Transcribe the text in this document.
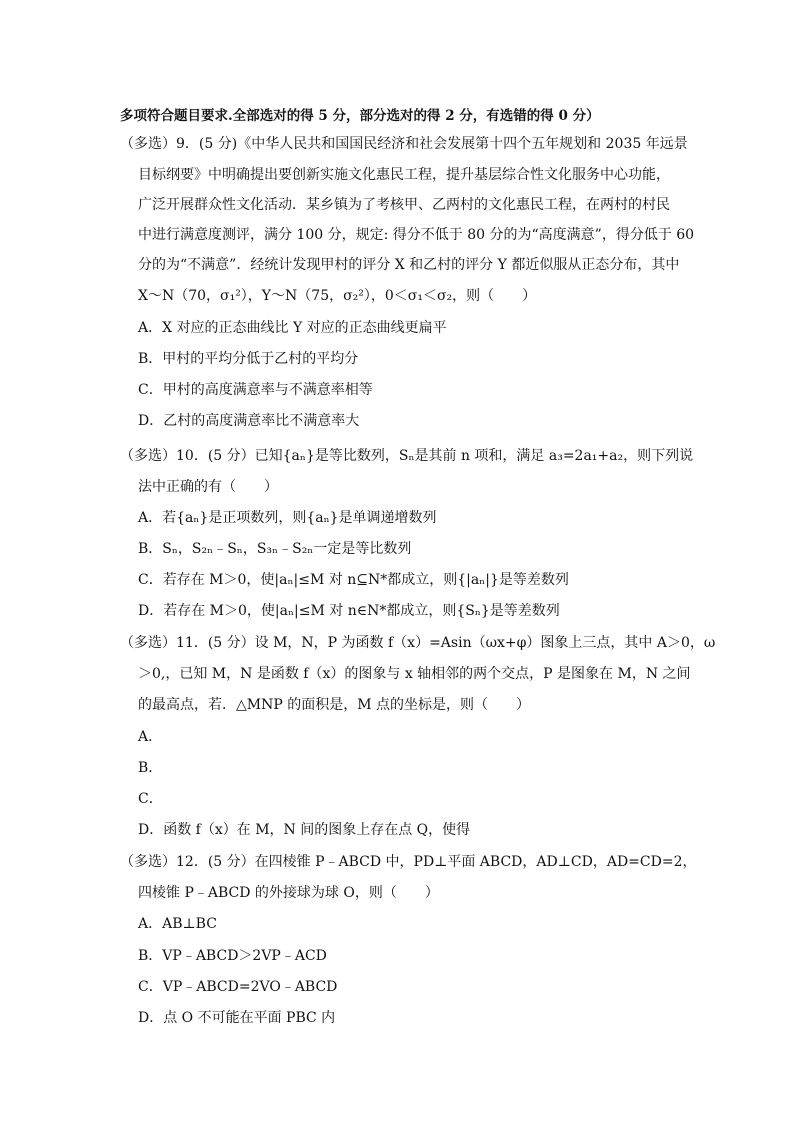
多项符合题目要求.全部选对的得 5 分，部分选对的得 2 分，有选错的得 0 分）
（多选）9．(5 分)《中华人民共和国国民经济和社会发展第十四个五年规划和 2035 年远景
目标纲要》中明确提出要创新实施文化惠民工程，提升基层综合性文化服务中心功能，
广泛开展群众性文化活动．某乡镇为了考核甲、乙两村的文化惠民工程，在两村的村民
中进行满意度测评，满分 100 分，规定: 得分不低于 80 分的为“高度满意”，得分低于 60
分的为“不满意”．经统计发现甲村的评分 X 和乙村的评分 Y 都近似服从正态分布，其中
X～N（70，σ₁²），Y～N（75，σ₂²），0＜σ₁＜σ₂，则（　　）
A．X 对应的正态曲线比 Y 对应的正态曲线更扁平
B．甲村的平均分低于乙村的平均分
C．甲村的高度满意率与不满意率相等
D．乙村的高度满意率比不满意率大
（多选）10．(5 分）已知{aₙ}是等比数列，Sₙ是其前 n 项和，满足 a₃=2a₁+a₂，则下列说
法中正确的有（　　）
A．若{aₙ}是正项数列，则{aₙ}是单调递增数列
B．Sₙ，S₂ₙ﹣Sₙ，S₃ₙ﹣S₂ₙ一定是等比数列
C．若存在 M＞0，使|aₙ|≤M 对 n⊆N*都成立，则{|aₙ|}是等差数列
D．若存在 M＞0，使|aₙ|≤M 对 n∈N*都成立，则{Sₙ}是等差数列
（多选）11．(5 分）设 M，N，P 为函数 f（x）=Asin（ωx+φ）图象上三点，其中 A＞0，ω
＞0,，已知 M，N 是函数 f（x）的图象与 x 轴相邻的两个交点，P 是图象在 M，N 之间
的最高点，若．△MNP 的面积是，M 点的坐标是，则（　　）
A．
B．
C．
D．函数 f（x）在 M，N 间的图象上存在点 Q，使得
（多选）12．(5 分）在四棱锥 P﹣ABCD 中，PD⊥平面 ABCD，AD⊥CD，AD=CD=2，
四棱锥 P﹣ABCD 的外接球为球 O，则（　　）
A．AB⊥BC
B．VP﹣ABCD＞2VP﹣ACD
C．VP﹣ABCD=2VO﹣ABCD
D．点 O 不可能在平面 PBC 内
